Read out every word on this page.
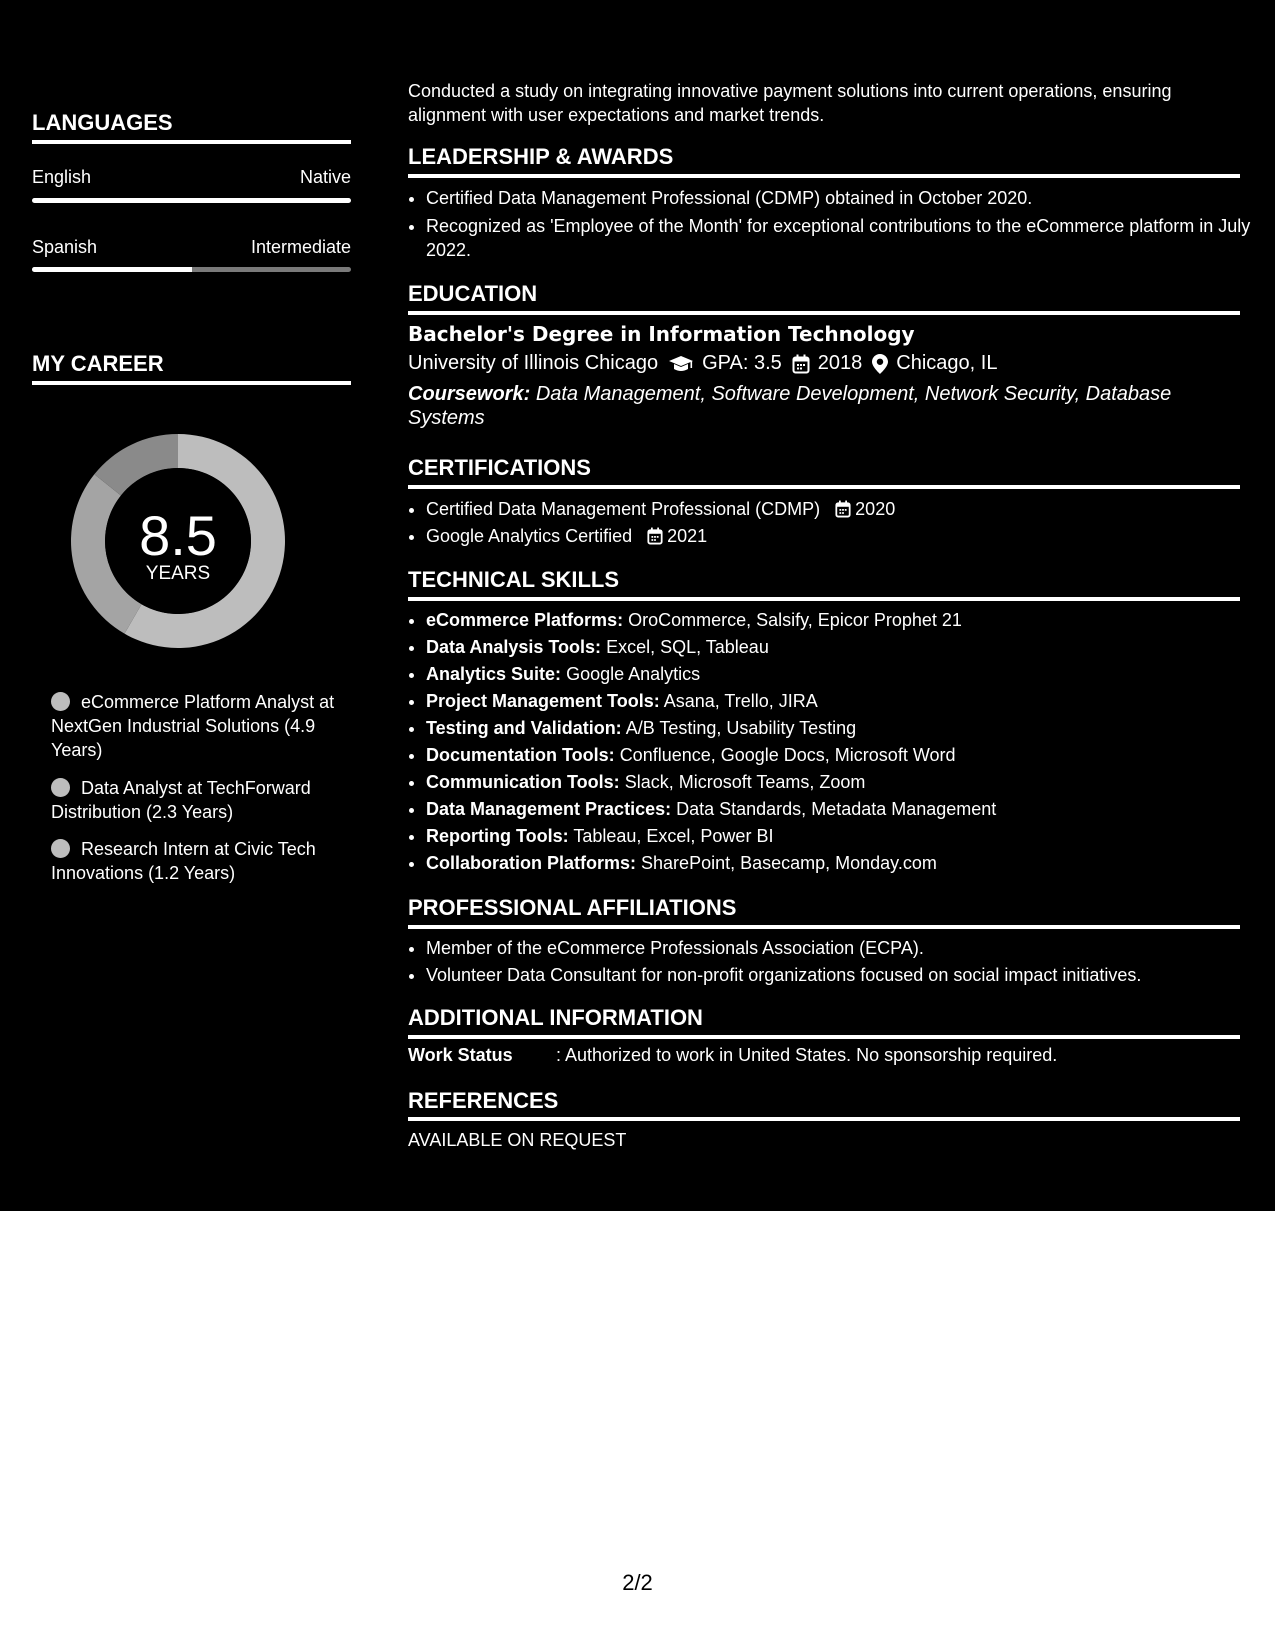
LANGUAGES
English	Native
Spanish	Intermediate
MY CAREER
8.5
YEARS
eCommerce Platform Analyst at NextGen Industrial Solutions (4.9 Years)
Data Analyst at TechForward Distribution (2.3 Years)
Research Intern at Civic Tech Innovations (1.2 Years)
Conducted a study on integrating innovative payment solutions into current operations, ensuring alignment with user expectations and market trends.
LEADERSHIP & AWARDS
• Certified Data Management Professional (CDMP) obtained in October 2020.
• Recognized as 'Employee of the Month' for exceptional contributions to the eCommerce platform in July 2022.
EDUCATION
Bachelor's Degree in Information Technology
University of Illinois Chicago GPA: 3.5 2018 Chicago, IL
Coursework: Data Management, Software Development, Network Security, Database Systems
CERTIFICATIONS
• Certified Data Management Professional (CDMP) 2020
• Google Analytics Certified 2021
TECHNICAL SKILLS
• eCommerce Platforms: OroCommerce, Salsify, Epicor Prophet 21
• Data Analysis Tools: Excel, SQL, Tableau
• Analytics Suite: Google Analytics
• Project Management Tools: Asana, Trello, JIRA
• Testing and Validation: A/B Testing, Usability Testing
• Documentation Tools: Confluence, Google Docs, Microsoft Word
• Communication Tools: Slack, Microsoft Teams, Zoom
• Data Management Practices: Data Standards, Metadata Management
• Reporting Tools: Tableau, Excel, Power BI
• Collaboration Platforms: SharePoint, Basecamp, Monday.com
PROFESSIONAL AFFILIATIONS
• Member of the eCommerce Professionals Association (ECPA).
• Volunteer Data Consultant for non-profit organizations focused on social impact initiatives.
ADDITIONAL INFORMATION
Work Status : Authorized to work in United States. No sponsorship required.
REFERENCES
AVAILABLE ON REQUEST
2/2
